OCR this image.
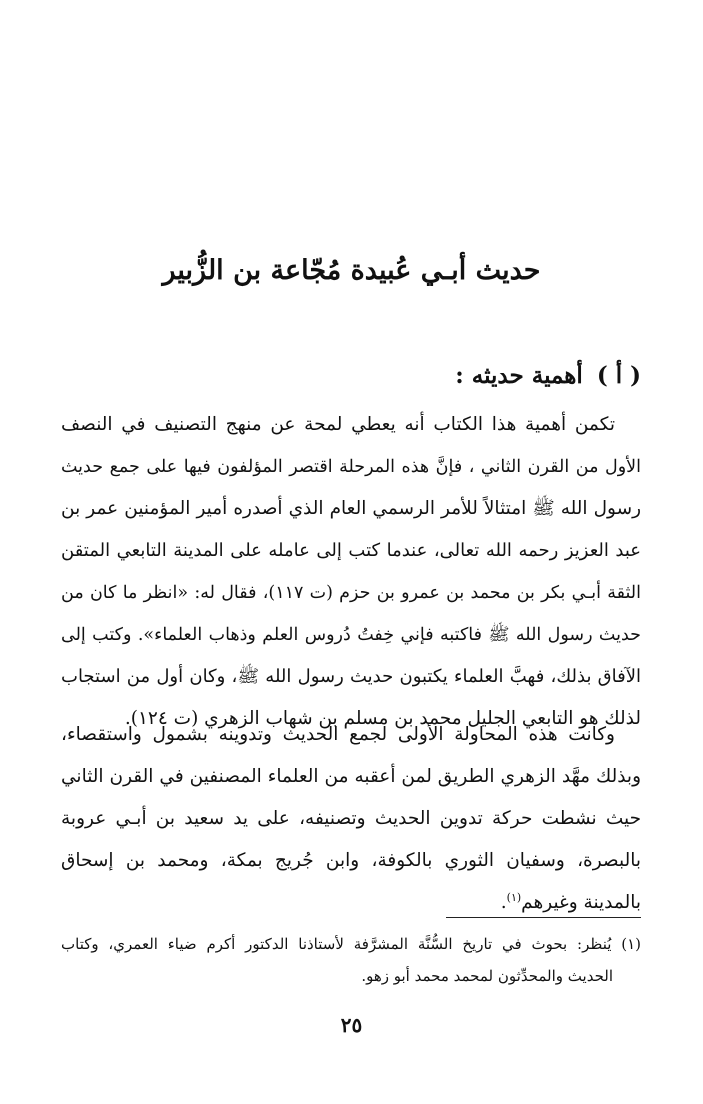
حديث أبـي عُبيدة مُجّاعة بن الزُّبير
( أ )أهمية حديثه :
تكمن أهمية هذا الكتاب أنه يعطي لمحة عن منهج التصنيف في النصف
الأول من القرن الثاني ، فإنَّ هذه المرحلة اقتصر المؤلفون فيها على جمع حديث
رسول الله ﷺ امتثالاً للأمر الرسمي العام الذي أصدره أمير المؤمنين عمر بن
عبد العزيز رحمه الله تعالى، عندما كتب إلى عامله على المدينة التابعي المتقن
الثقة أبـي بكر بن محمد بن عمرو بن حزم (ت ١١٧)، فقال له: «انظر ما كان من
حديث رسول الله ﷺ فاكتبه فإني خِفتُ دُروس العلم وذهاب العلماء». وكتب إلى
الآفاق بذلك، فهبَّ العلماء يكتبون حديث رسول الله ﷺ، وكان أول من استجاب
لذلك هو التابعي الجليل محمد بن مسلم بن شهاب الزهري (ت ١٢٤).
وكانت هذه المحاولة الأولى لجمع الحديث وتدوينه بشمول واستقصاء،
وبذلك مهَّد الزهري الطريق لمن أعقبه من العلماء المصنفين في القرن الثاني
حيث نشطت حركة تدوين الحديث وتصنيفه، على يد سعيد بن أبـي عروبة
بالبصرة، وسفيان الثوري بالكوفة، وابن جُريج بمكة، ومحمد بن إسحاق
بالمدينة وغيرهم$^{(١)}$.
(١) يُنظر: بحوث في تاريخ السُّنَّة المشرَّفة لأستاذنا الدكتور أكرم ضياء العمري، وكتاب
الحديث والمحدِّثون لمحمد محمد أبو زهو.
٢٥
